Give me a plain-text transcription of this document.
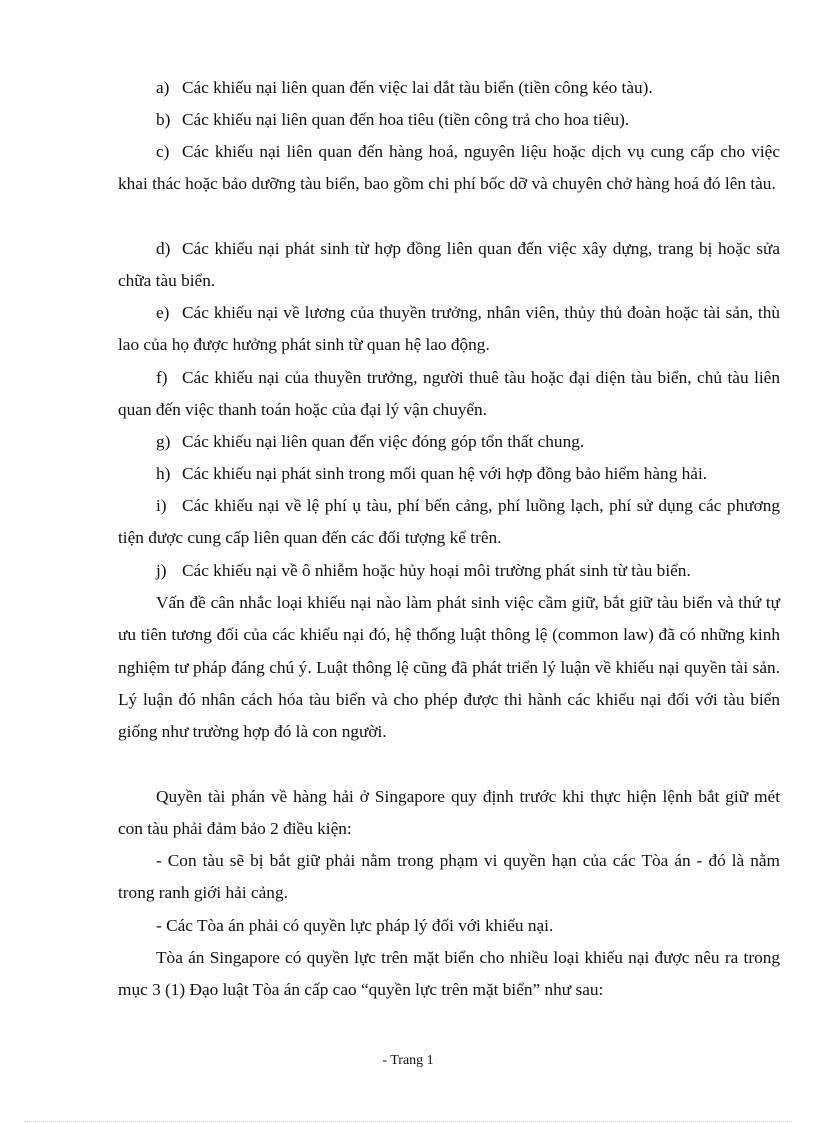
a) Các khiếu nại liên quan đến việc lai dắt tàu biển (tiền công kéo tàu).
b) Các khiếu nại liên quan đến hoa tiêu (tiền công trả cho hoa tiêu).
c) Các khiếu nại liên quan đến hàng hoá, nguyên liệu hoặc dịch vụ cung cấp cho việc khai thác hoặc bảo dưỡng tàu biển, bao gồm chi phí bốc dỡ và chuyên chở hàng hoá đó lên tàu.
d) Các khiếu nại phát sinh từ hợp đồng liên quan đến việc xây dựng, trang bị hoặc sửa chữa tàu biển.
e) Các khiếu nại về lương của thuyền trưởng, nhân viên, thủy thủ đoàn hoặc tài sản, thù lao của họ được hưởng phát sinh từ quan hệ lao động.
f) Các khiếu nại của thuyền trưởng, người thuê tàu hoặc đại diện tàu biển, chủ tàu liên quan đến việc thanh toán hoặc của đại lý vận chuyển.
g) Các khiếu nại liên quan đến việc đóng góp tổn thất chung.
h) Các khiếu nại phát sinh trong mối quan hệ với hợp đồng bảo hiểm hàng hải.
i) Các khiếu nại về lệ phí ụ tàu, phí bến cảng, phí luồng lạch, phí sử dụng các phương tiện được cung cấp liên quan đến các đối tượng kể trên.
j) Các khiếu nại về ô nhiễm hoặc hủy hoại môi trường phát sinh từ tàu biển.
Vấn đề cân nhắc loại khiếu nại nào làm phát sinh việc cầm giữ, bắt giữ tàu biển và thứ tự ưu tiên tương đối của các khiếu nại đó, hệ thống luật thông lệ (common law) đã có những kinh nghiệm tư pháp đáng chú ý. Luật thông lệ cũng đã phát triển lý luận về khiếu nại quyền tài sản. Lý luận đó nhân cách hóa tàu biển và cho phép được thi hành các khiếu nại đối với tàu biển giống như trường hợp đó là con người.
Quyền tài phán về hàng hải ở Singapore quy định trước khi thực hiện lệnh bắt giữ mét con tàu phải đảm bảo 2 điều kiện:
- Con tàu sẽ bị bắt giữ phải nằm trong phạm vi quyền hạn của các Tòa án - đó là nằm trong ranh giới hải cảng.
- Các Tòa án phải có quyền lực pháp lý đối với khiếu nại.
Tòa án Singapore có quyền lực trên mặt biển cho nhiều loại khiếu nại được nêu ra trong mục 3 (1) Đạo luật Tòa án cấp cao “quyền lực trên mặt biển” như sau:
- Trang 1
